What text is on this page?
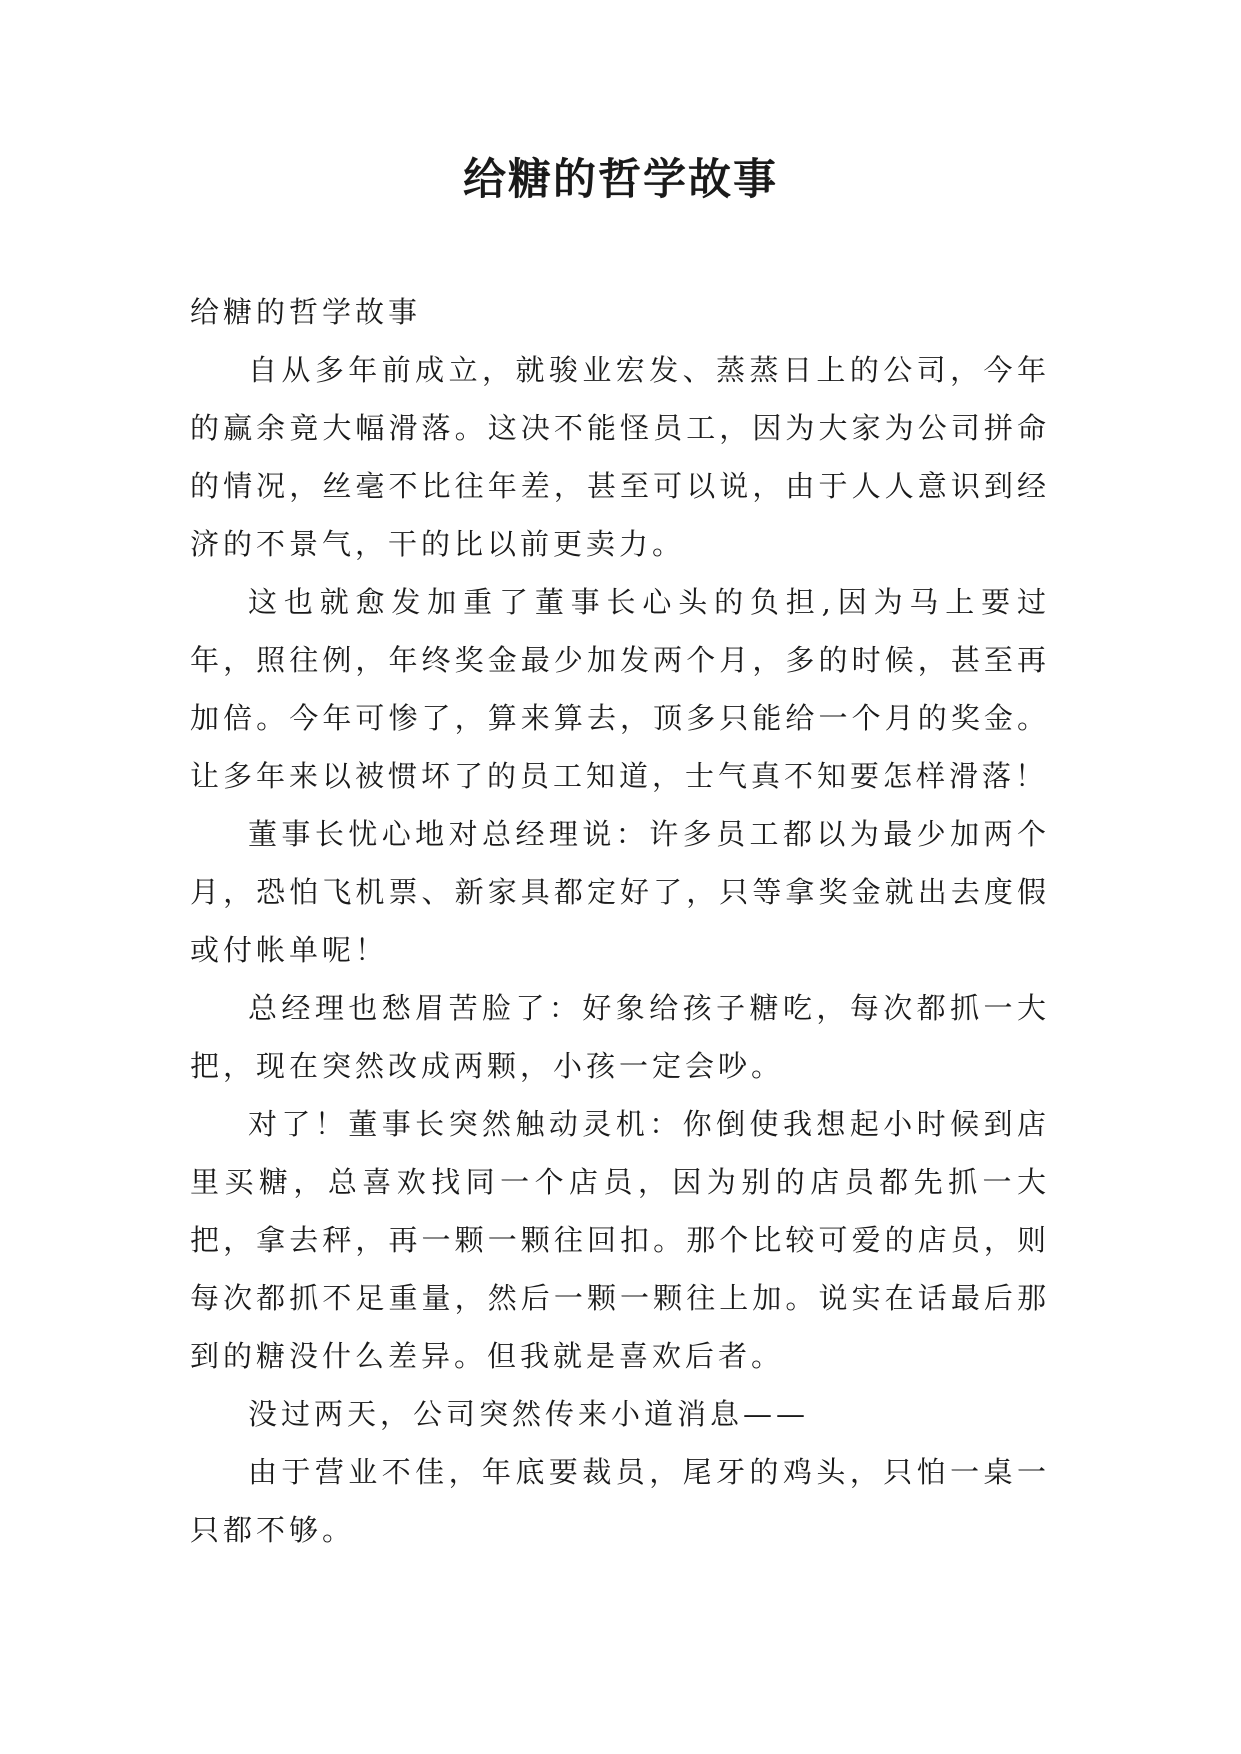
给糖的哲学故事

给糖的哲学故事

自从多年前成立，就骏业宏发、蒸蒸日上的公司，今年的赢余竟大幅滑落。这决不能怪员工，因为大家为公司拼命的情况，丝毫不比往年差，甚至可以说，由于人人意识到经济的不景气，干的比以前更卖力。

这也就愈发加重了董事长心头的负担,因为马上要过年，照往例，年终奖金最少加发两个月，多的时候，甚至再加倍。今年可惨了，算来算去，顶多只能给一个月的奖金。让多年来以被惯坏了的员工知道，士气真不知要怎样滑落！

董事长忧心地对总经理说：许多员工都以为最少加两个月，恐怕飞机票、新家具都定好了，只等拿奖金就出去度假或付帐单呢！

总经理也愁眉苦脸了：好象给孩子糖吃，每次都抓一大把，现在突然改成两颗，小孩一定会吵。

对了！董事长突然触动灵机：你倒使我想起小时候到店里买糖，总喜欢找同一个店员，因为别的店员都先抓一大把，拿去秤，再一颗一颗往回扣。那个比较可爱的店员，则每次都抓不足重量，然后一颗一颗往上加。说实在话最后那到的糖没什么差异。但我就是喜欢后者。

没过两天，公司突然传来小道消息——

由于营业不佳，年底要裁员，尾牙的鸡头，只怕一桌一只都不够。
